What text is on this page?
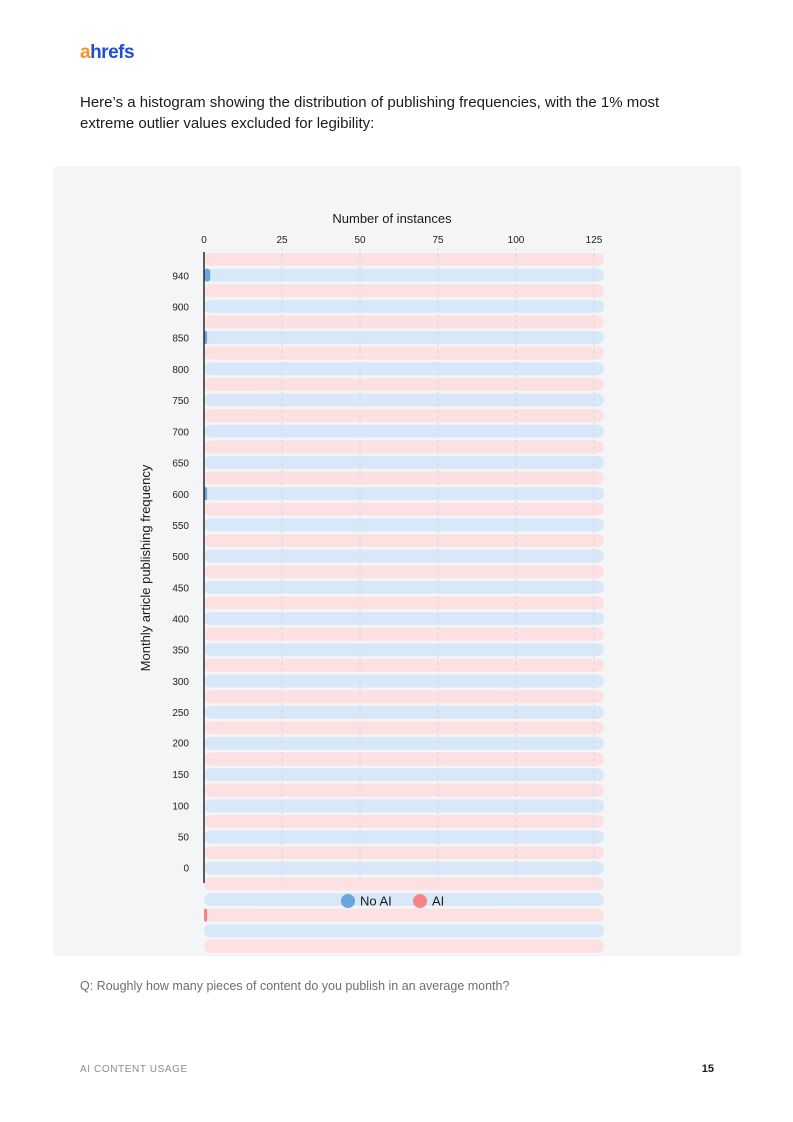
ahrefs

Here’s a histogram showing the distribution of publishing frequencies, with the 1% most extreme outlier values excluded for legibility:

0	25	50	75	100	125
0
50
100
150
200
250
300
350
400
450
500
550
600
650
700
750
800
850
900
940
Number of instances
Monthly article publishing frequency
No AI	AI
Q: Roughly how many pieces of content do you publish in an average month?
AI CONTENT USAGE	15
